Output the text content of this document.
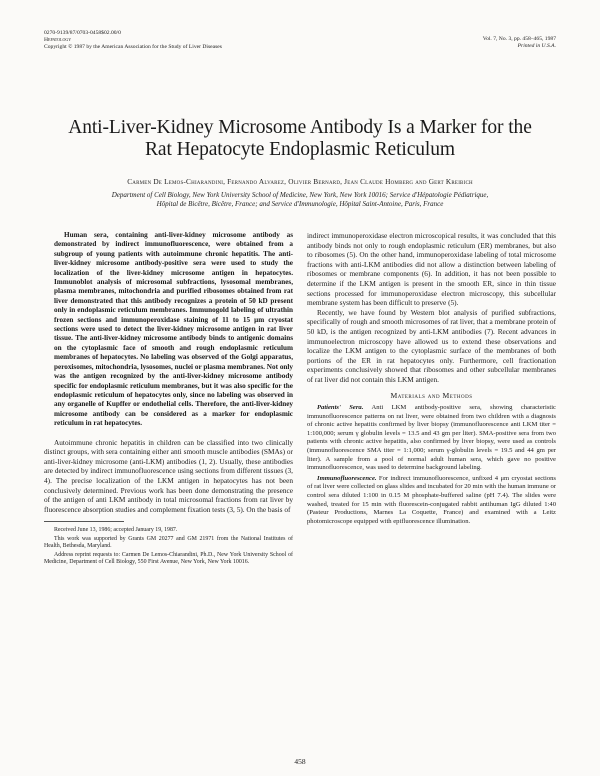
0270-9139/87/0703-0458$02.00/0
Hepatology
Copyright © 1987 by the American Association for the Study of Liver Diseases
Vol. 7, No. 3, pp. 458–465, 1987
Printed in U.S.A.
Anti-Liver-Kidney Microsome Antibody Is a Marker for the
Rat Hepatocyte Endoplasmic Reticulum
Carmen De Lemos-Chiarandini, Fernando Alvarez, Olivier Bernard, Jean Claude Homberg and Gert Kreibich
Department of Cell Biology, New York University School of Medicine, New York, New York 10016; Service d'Hépatologie Pédiatrique, Hôpital de Bicêtre, Bicêtre, France; and Service d'Immunologie, Hôpital Saint-Antoine, Paris, France

Human sera, containing anti-liver-kidney microsome antibody as demonstrated by indirect immunofluorescence, were obtained from a subgroup of young patients with autoimmune chronic hepatitis. The anti-liver-kidney microsome antibody-positive sera were used to study the localization of the liver-kidney microsome antigen in hepatocytes. Immunoblot analysis of microsomal subfractions, lysosomal membranes, plasma membranes, mitochondria and purified ribosomes obtained from rat liver demonstrated that this antibody recognizes a protein of 50 kD present only in endoplasmic reticulum membranes. Immunogold labeling of ultrathin frozen sections and immunoperoxidase staining of 11 to 15 μm cryostat sections were used to detect the liver-kidney microsome antigen in rat liver tissue. The anti-liver-kidney microsome antibody binds to antigenic domains on the cytoplasmic face of smooth and rough endoplasmic reticulum membranes of hepatocytes. No labeling was observed of the Golgi apparatus, peroxisomes, mitochondria, lysosomes, nuclei or plasma membranes. Not only was the antigen recognized by the anti-liver-kidney microsome antibody specific for endoplasmic reticulum membranes, but it was also specific for the endoplasmic reticulum of hepatocytes only, since no labeling was observed in any organelle of Kupffer or endothelial cells. Therefore, the anti-liver-kidney microsome antibody can be considered as a marker for endoplasmic reticulum in rat hepatocytes.

Autoimmune chronic hepatitis in children can be classified into two clinically distinct groups, with sera containing either anti smooth muscle antibodies (SMAs) or anti-liver-kidney microsome (anti-LKM) antibodies (1, 2). Usually, these antibodies are detected by indirect immunofluorescence using sections from different tissues (3, 4). The precise localization of the LKM antigen in hepatocytes has not been conclusively determined. Previous work has been done demonstrating the presence of the antigen of anti LKM antibody in total microsomal fractions from rat liver by fluorescence absorption studies and complement fixation tests (3, 5). On the basis of

Received June 13, 1986; accepted January 19, 1987.

This work was supported by Grants GM 20277 and GM 21971 from the National Institutes of Health, Bethesda, Maryland.

Address reprint requests to: Carmen De Lemos-Chiarandini, Ph.D., New York University School of Medicine, Department of Cell Biology, 550 First Avenue, New York, New York 10016.

indirect immunoperoxidase electron microscopical results, it was concluded that this antibody binds not only to rough endoplasmic reticulum (ER) membranes, but also to ribosomes (5). On the other hand, immunoperoxidase labeling of total microsome fractions with anti-LKM antibodies did not allow a distinction between labeling of ribosomes or membrane components (6). In addition, it has not been possible to determine if the LKM antigen is present in the smooth ER, since in thin tissue sections processed for immunoperoxidase electron microscopy, this subcellular membrane system has been difficult to preserve (5).

Recently, we have found by Western blot analysis of purified subfractions, specifically of rough and smooth microsomes of rat liver, that a membrane protein of 50 kD, is the antigen recognized by anti-LKM antibodies (7). Recent advances in immunoelectron microscopy have allowed us to extend these observations and localize the LKM antigen to the cytoplasmic surface of the membranes of both portions of the ER in rat hepatocytes only. Furthermore, cell fractionation experiments conclusively showed that ribosomes and other subcellular membranes of rat liver did not contain this LKM antigen.

Materials and Methods

Patients' Sera. Anti LKM antibody-positive sera, showing characteristic immunofluorescence patterns on rat liver, were obtained from two children with a diagnosis of chronic active hepatitis confirmed by liver biopsy (immunofluorescence anti LKM titer = 1:100,000; serum γ globulin levels = 13.5 and 43 gm per liter). SMA-positive sera from two patients with chronic active hepatitis, also confirmed by liver biopsy, were used as controls (immunofluorescence SMA titer = 1:1,000; serum γ-globulin levels = 19.5 and 44 gm per liter). A sample from a pool of normal adult human sera, which gave no positive immunofluorescence, was used to determine background labeling.

Immunofluorescence. For indirect immunofluorescence, unfixed 4 μm cryostat sections of rat liver were collected on glass slides and incubated for 20 min with the human immune or control sera diluted 1:100 in 0.15 M phosphate-buffered saline (pH 7.4). The slides were washed, treated for 15 min with fluorescein-conjugated rabbit antihuman IgG diluted 1:40 (Pasteur Productions, Marnes La Coquette, France) and examined with a Leitz photomicroscope equipped with epifluorescence illumination.

458
